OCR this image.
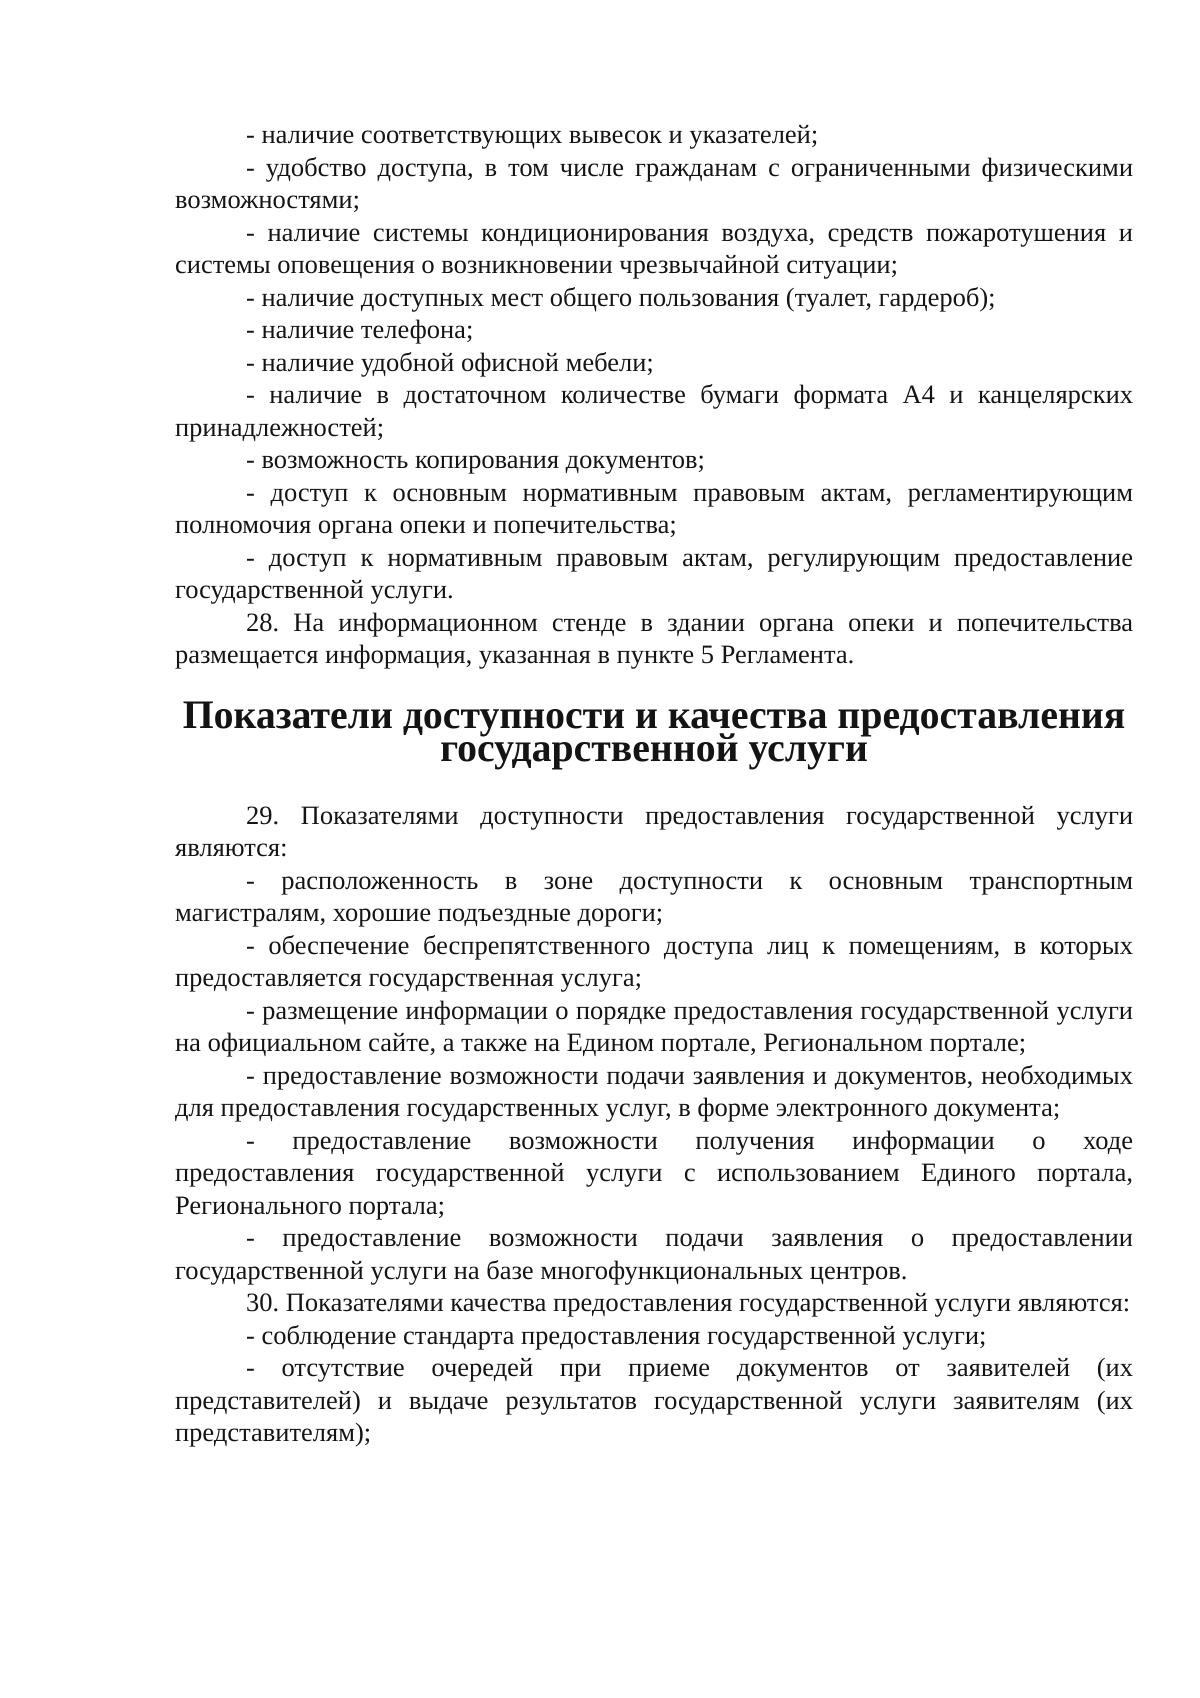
- наличие соответствующих вывесок и указателей;

- удобство доступа, в том числе гражданам с ограниченными физическими возможностями;

- наличие системы кондиционирования воздуха, средств пожаротушения и системы оповещения о возникновении чрезвычайной ситуации;

- наличие доступных мест общего пользования (туалет, гардероб);

- наличие телефона;

- наличие удобной офисной мебели;

- наличие в достаточном количестве бумаги формата А4 и канцелярских принадлежностей;

- возможность копирования документов;

- доступ к основным нормативным правовым актам, регламентирующим полномочия органа опеки и попечительства;

- доступ к нормативным правовым актам, регулирующим предоставление государственной услуги.

28. На информационном стенде в здании органа опеки и попечительства размещается информация, указанная в пункте 5 Регламента.

Показатели доступности и качества предоставления
государственной услуги

29. Показателями доступности предоставления государственной услуги являются:

- расположенность в зоне доступности к основным транспортным магистралям, хорошие подъездные дороги;

- обеспечение беспрепятственного доступа лиц к помещениям, в которых предоставляется государственная услуга;

- размещение информации о порядке предоставления государственной услуги на официальном сайте, а также на Едином портале, Региональном портале;

- предоставление возможности подачи заявления и документов, необходимых для предоставления государственных услуг, в форме электронного документа;

- предоставление возможности получения информации о ходе предоставления государственной услуги с использованием Единого портала, Регионального портала;

- предоставление возможности подачи заявления о предоставлении государственной услуги на базе многофункциональных центров.

30. Показателями качества предоставления государственной услуги являются:

- соблюдение стандарта предоставления государственной услуги;

- отсутствие очередей при приеме документов от заявителей (их представителей) и выдаче результатов государственной услуги заявителям (их представителям);
